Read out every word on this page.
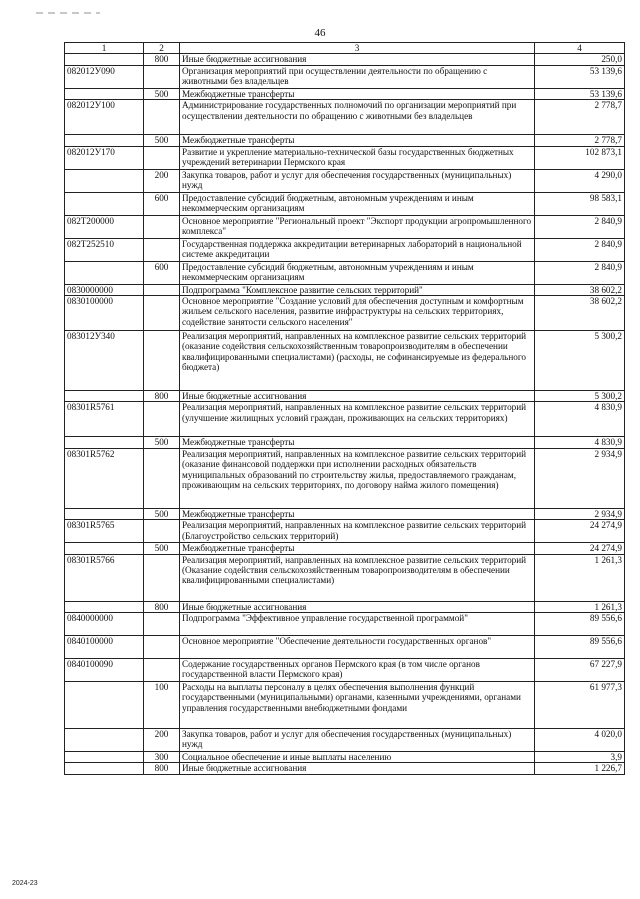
46
1	2	3	4
	800	Иные бюджетные ассигнования	250,0
082012У090		Организация мероприятий при осуществлении деятельности по обращению с животными без владельцев	53 139,6
	500	Межбюджетные трансферты	53 139,6
082012У100		Администрирование государственных полномочий по организации мероприятий при осуществлении деятельности по обращению с животными без владельцев	2 778,7
	500	Межбюджетные трансферты	2 778,7
082012У170		Развитие и укрепление материально-технической базы государственных бюджетных учреждений ветеринарии Пермского края	102 873,1
	200	Закупка товаров, работ и услуг для обеспечения государственных (муниципальных) нужд	4 290,0
	600	Предоставление субсидий бюджетным, автономным учреждениям и иным некоммерческим организациям	98 583,1
082Т200000		Основное мероприятие "Региональный проект "Экспорт продукции агропромышленного комплекса"	2 840,9
082Т252510		Государственная поддержка аккредитации ветеринарных лабораторий в национальной системе аккредитации	2 840,9
	600	Предоставление субсидий бюджетным, автономным учреждениям и иным некоммерческим организациям	2 840,9
0830000000		Подпрограмма "Комплексное развитие сельских территорий"	38 602,2
0830100000		Основное мероприятие "Создание условий для обеспечения доступным и комфортным жильем сельского населения, развитие инфраструктуры на сельских территориях, содействие занятости сельского населения"	38 602,2
083012У340		Реализация мероприятий, направленных на комплексное развитие сельских территорий (оказание содействия сельскохозяйственным товаропроизводителям в обеспечении квалифицированными специалистами) (расходы, не софинансируемые из федерального бюджета)	5 300,2
	800	Иные бюджетные ассигнования	5 300,2
08301R5761		Реализация мероприятий, направленных на комплексное развитие сельских территорий (улучшение жилищных условий граждан, проживающих на сельских территориях)	4 830,9
	500	Межбюджетные трансферты	4 830,9
08301R5762		Реализация мероприятий, направленных на комплексное развитие сельских территорий (оказание финансовой поддержки при исполнении расходных обязательств муниципальных образований по строительству жилья, предоставляемого гражданам, проживающим на сельских территориях, по договору найма жилого помещения)	2 934,9
	500	Межбюджетные трансферты	2 934,9
08301R5765		Реализация мероприятий, направленных на комплексное развитие сельских территорий (Благоустройство сельских территорий)	24 274,9
	500	Межбюджетные трансферты	24 274,9
08301R5766		Реализация мероприятий, направленных на комплексное развитие сельских территорий (Оказание содействия сельскохозяйственным товаропроизводителям в обеспечении квалифицированными специалистами)	1 261,3
	800	Иные бюджетные ассигнования	1 261,3
0840000000		Подпрограмма "Эффективное управление государственной программой"	89 556,6
0840100000		Основное мероприятие "Обеспечение деятельности государственных органов"	89 556,6
0840100090		Содержание государственных органов Пермского края (в том числе органов государственной власти Пермского края)	67 227,9
	100	Расходы на выплаты персоналу в целях обеспечения выполнения функций государственными (муниципальными) органами, казенными учреждениями, органами управления государственными внебюджетными фондами	61 977,3
	200	Закупка товаров, работ и услуг для обеспечения государственных (муниципальных) нужд	4 020,0
	300	Социальное обеспечение и иные выплаты населению	3,9
	800	Иные бюджетные ассигнования	1 226,7
2024-23
